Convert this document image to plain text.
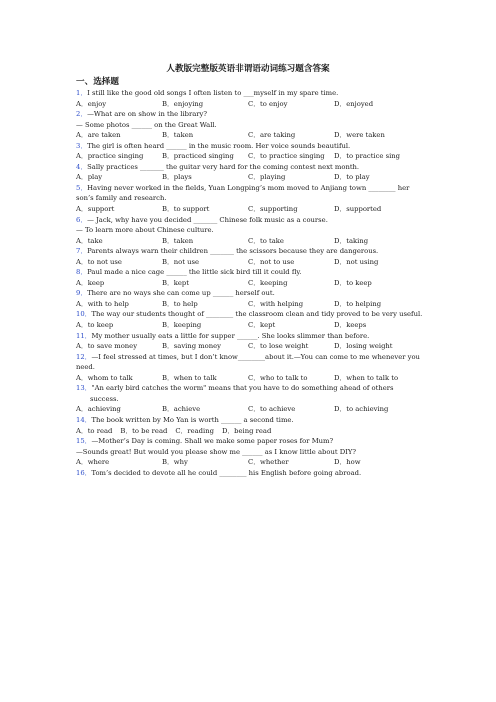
人教版完整版英语非谓语动词练习题含答案
一、选择题
1．I still like the good old songs I often listen to ___myself in my spare time.
A．enjoy	B．enjoying	C．to enjoy	D．enjoyed
2．—What are on show in the library?
— Some photos ______ on the Great Wall.
A．are taken	B．taken	C．are taking	D．were taken
3．The girl is often heard ______ in the music room. Her voice sounds beautiful.
A．practice singing	B．practiced singing	C．to practice singing	D．to practice sing
4．Sally practices _______ the guitar very hard for the coming contest next month.
A．play	B．plays	C．playing	D．to play
5．Having never worked in the fields, Yuan Longping’s mom moved to Anjiang town ________ her son’s family and research.
A．support	B．to support	C．supporting	D．supported
6．— Jack, why have you decided _______ Chinese folk music as a course.
— To learn more about Chinese culture.
A．take	B．taken	C．to take	D．taking
7．Parents always warn their children _______ the scissors because they are dangerous.
A．to not use	B．not use	C．not to use	D．not using
8．Paul made a nice cage ______ the little sick bird till it could fly.
A．keep	B．kept	C．keeping	D．to keep
9．There are no ways she can come up ______ herself out.
A．with to help	B．to help	C．with helping	D．to helping
10．The way our students thought of ________ the classroom clean and tidy proved to be very useful.
A．to keep	B．keeping	C．kept	D．keeps
11．My mother usually eats a little for supper ______. She looks slimmer than before.
A．to save money	B．saving money	C．to lose weight	D．losing weight
12．—I feel stressed at times, but I don’t know________about it.—You can come to me whenever you need.
A．whom to talk	B．when to talk	C．who to talk to	D．when to talk to
13．"An early bird catches the worm" means that you have to do something ahead of others
success.
A．achieving	B．achieve	C．to achieve	D．to achieving
14．The book written by Mo Yan is worth ______ a second time.
A．to read B．to be read C．reading D．being read
15．—Mother’s Day is coming. Shall we make some paper roses for Mum?
—Sounds great! But would you please show me ______ as I know little about DIY?
A．where	B．why	C．whether	D．how
16．Tom’s decided to devote all he could ________ his English before going abroad.
